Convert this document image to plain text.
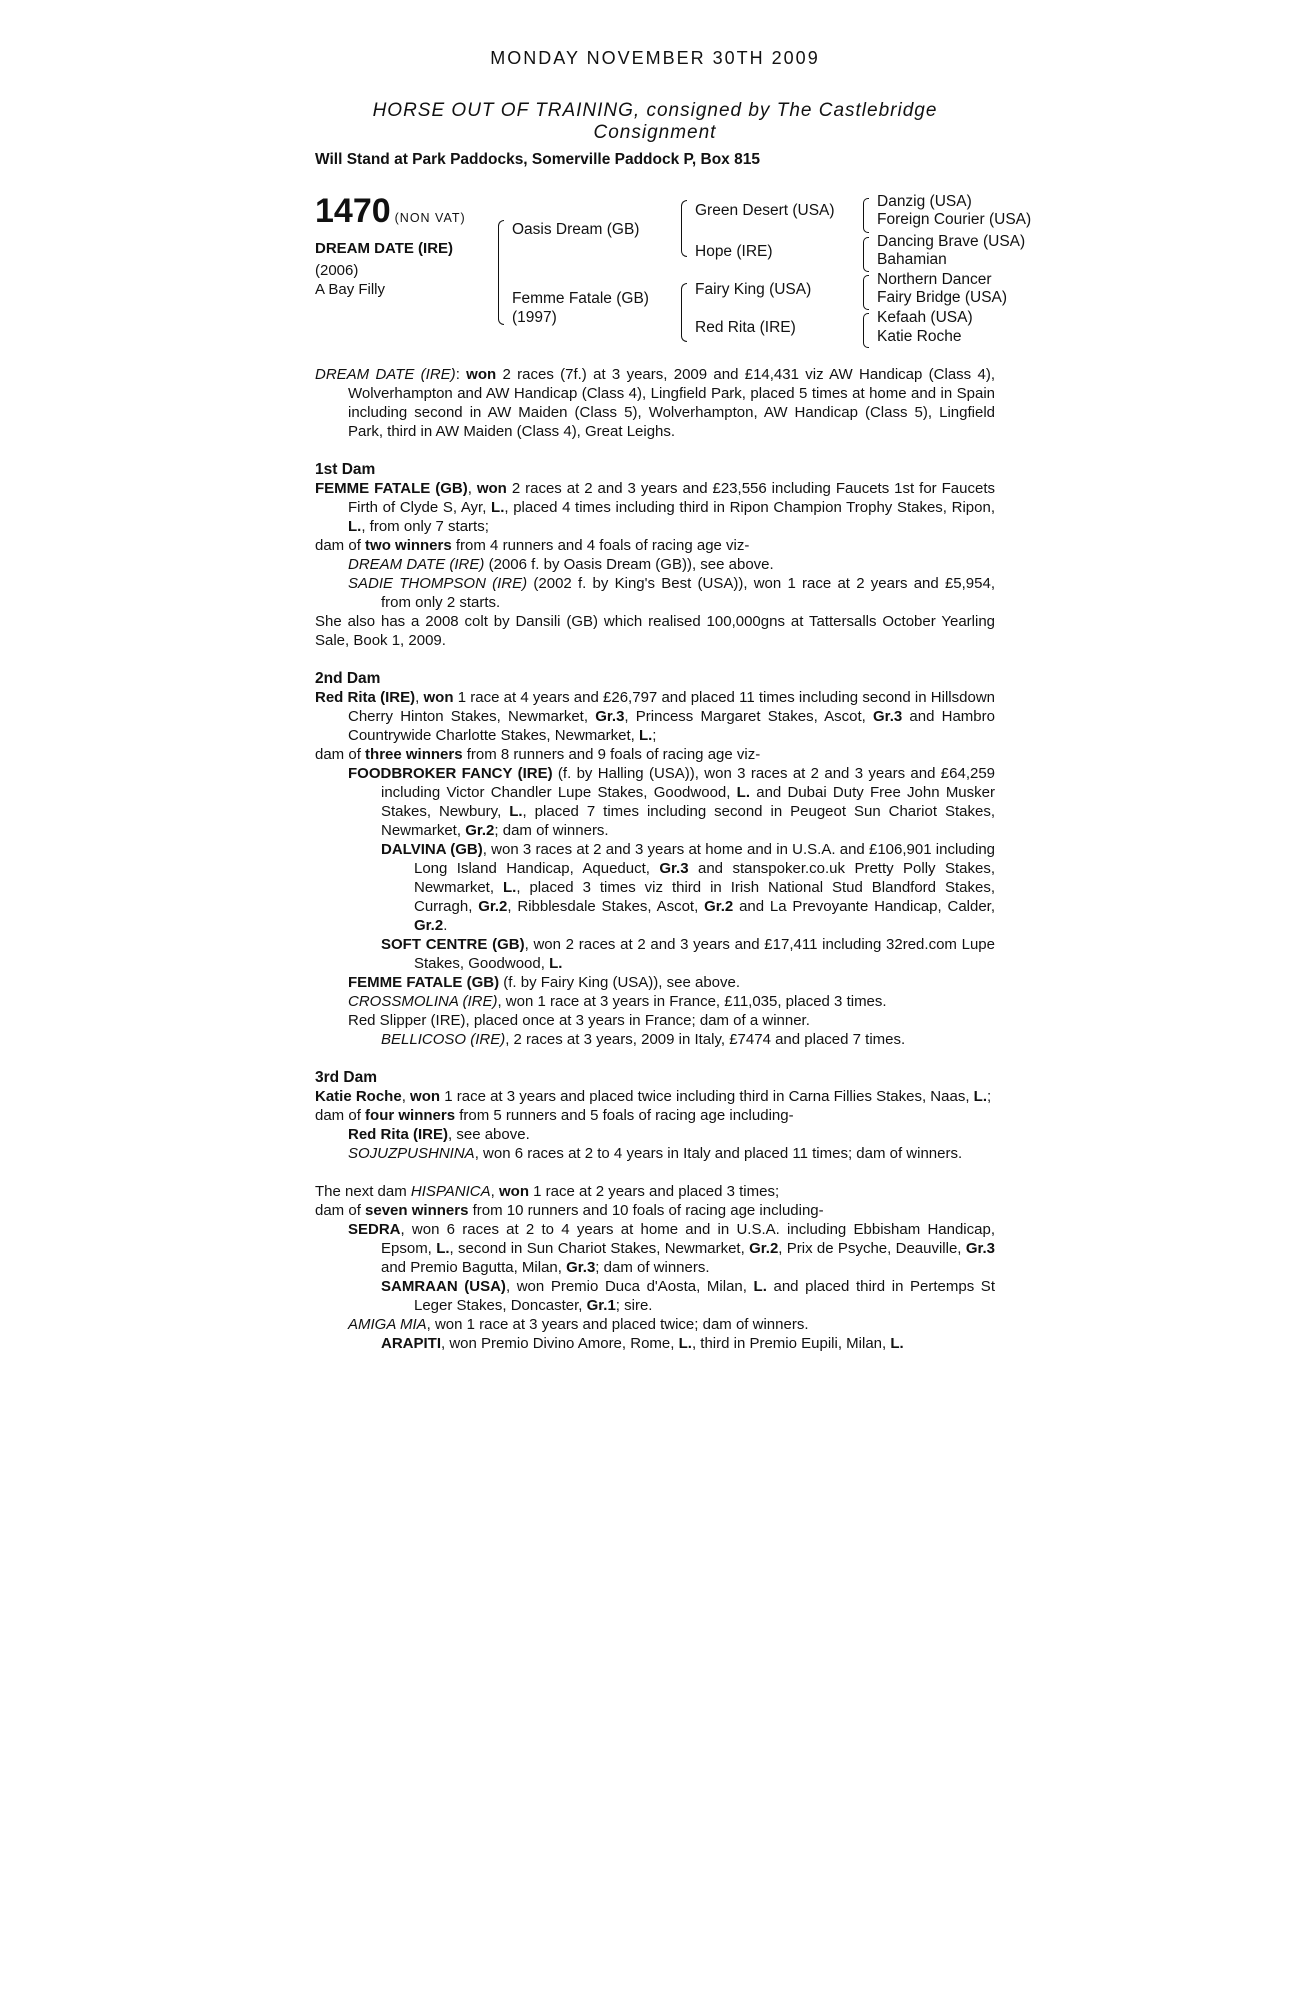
MONDAY NOVEMBER 30TH 2009
HORSE OUT OF TRAINING, consigned by The Castlebridge Consignment
Will Stand at Park Paddocks, Somerville Paddock P, Box 815
1470 (NON VAT)
DREAM DATE (IRE)
(2006)
A Bay Filly
Oasis Dream (GB)
Femme Fatale (GB)
(1997)
Green Desert (USA)
Hope (IRE)
Fairy King (USA)
Red Rita (IRE)
Danzig (USA)
Foreign Courier (USA)
Dancing Brave (USA)
Bahamian
Northern Dancer
Fairy Bridge (USA)
Kefaah (USA)
Katie Roche

DREAM DATE (IRE): won 2 races (7f.) at 3 years, 2009 and £14,431 viz AW Handicap (Class 4), Wolverhampton and AW Handicap (Class 4), Lingfield Park, placed 5 times at home and in Spain including second in AW Maiden (Class 5), Wolverhampton, AW Handicap (Class 5), Lingfield Park, third in AW Maiden (Class 4), Great Leighs.

1st Dam

FEMME FATALE (GB), won 2 races at 2 and 3 years and £23,556 including Faucets 1st for Faucets Firth of Clyde S, Ayr, L., placed 4 times including third in Ripon Champion Trophy Stakes, Ripon, L., from only 7 starts;

dam of two winners from 4 runners and 4 foals of racing age viz-

DREAM DATE (IRE) (2006 f. by Oasis Dream (GB)), see above.

SADIE THOMPSON (IRE) (2002 f. by King's Best (USA)), won 1 race at 2 years and £5,954, from only 2 starts.

She also has a 2008 colt by Dansili (GB) which realised 100,000gns at Tattersalls October Yearling Sale, Book 1, 2009.

2nd Dam

Red Rita (IRE), won 1 race at 4 years and £26,797 and placed 11 times including second in Hillsdown Cherry Hinton Stakes, Newmarket, Gr.3, Princess Margaret Stakes, Ascot, Gr.3 and Hambro Countrywide Charlotte Stakes, Newmarket, L.;

dam of three winners from 8 runners and 9 foals of racing age viz-

FOODBROKER FANCY (IRE) (f. by Halling (USA)), won 3 races at 2 and 3 years and £64,259 including Victor Chandler Lupe Stakes, Goodwood, L. and Dubai Duty Free John Musker Stakes, Newbury, L., placed 7 times including second in Peugeot Sun Chariot Stakes, Newmarket, Gr.2; dam of winners.

DALVINA (GB), won 3 races at 2 and 3 years at home and in U.S.A. and £106,901 including Long Island Handicap, Aqueduct, Gr.3 and stanspoker.co.uk Pretty Polly Stakes, Newmarket, L., placed 3 times viz third in Irish National Stud Blandford Stakes, Curragh, Gr.2, Ribblesdale Stakes, Ascot, Gr.2 and La Prevoyante Handicap, Calder, Gr.2.

SOFT CENTRE (GB), won 2 races at 2 and 3 years and £17,411 including 32red.com Lupe Stakes, Goodwood, L.

FEMME FATALE (GB) (f. by Fairy King (USA)), see above.

CROSSMOLINA (IRE), won 1 race at 3 years in France, £11,035, placed 3 times.

Red Slipper (IRE), placed once at 3 years in France; dam of a winner.

BELLICOSO (IRE), 2 races at 3 years, 2009 in Italy, £7474 and placed 7 times.

3rd Dam

Katie Roche, won 1 race at 3 years and placed twice including third in Carna Fillies Stakes, Naas, L.;

dam of four winners from 5 runners and 5 foals of racing age including-

Red Rita (IRE), see above.

SOJUZPUSHNINA, won 6 races at 2 to 4 years in Italy and placed 11 times; dam of winners.

The next dam HISPANICA, won 1 race at 2 years and placed 3 times;

dam of seven winners from 10 runners and 10 foals of racing age including-

SEDRA, won 6 races at 2 to 4 years at home and in U.S.A. including Ebbisham Handicap, Epsom, L., second in Sun Chariot Stakes, Newmarket, Gr.2, Prix de Psyche, Deauville, Gr.3 and Premio Bagutta, Milan, Gr.3; dam of winners.

SAMRAAN (USA), won Premio Duca d'Aosta, Milan, L. and placed third in Pertemps St Leger Stakes, Doncaster, Gr.1; sire.

AMIGA MIA, won 1 race at 3 years and placed twice; dam of winners.

ARAPITI, won Premio Divino Amore, Rome, L., third in Premio Eupili, Milan, L.
